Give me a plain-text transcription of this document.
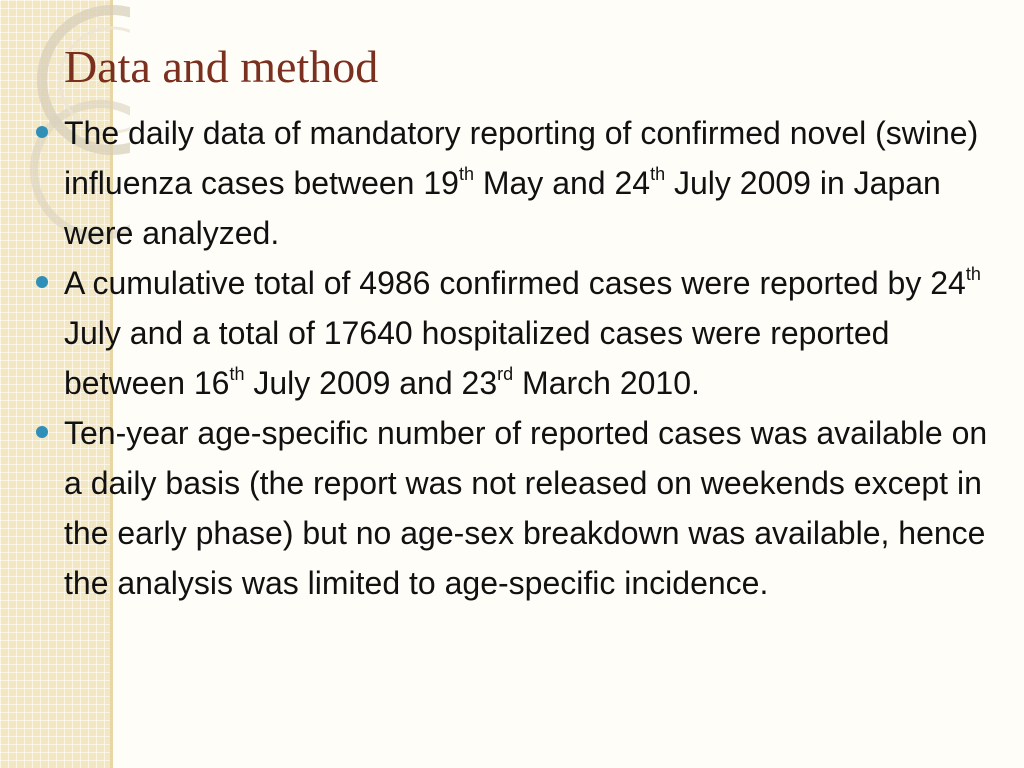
Data and method
The daily data of mandatory reporting of confirmed novel (swine) influenza cases between 19th May and 24th July 2009 in Japan were analyzed.
A cumulative total of 4986 confirmed cases were reported by 24th July and a total of 17640 hospitalized cases were reported between 16th July 2009 and 23rd March 2010.
Ten-year age-specific number of reported cases was available on a daily basis (the report was not released on weekends except in the early phase) but no age-sex breakdown was available, hence the analysis was limited to age-specific incidence.
